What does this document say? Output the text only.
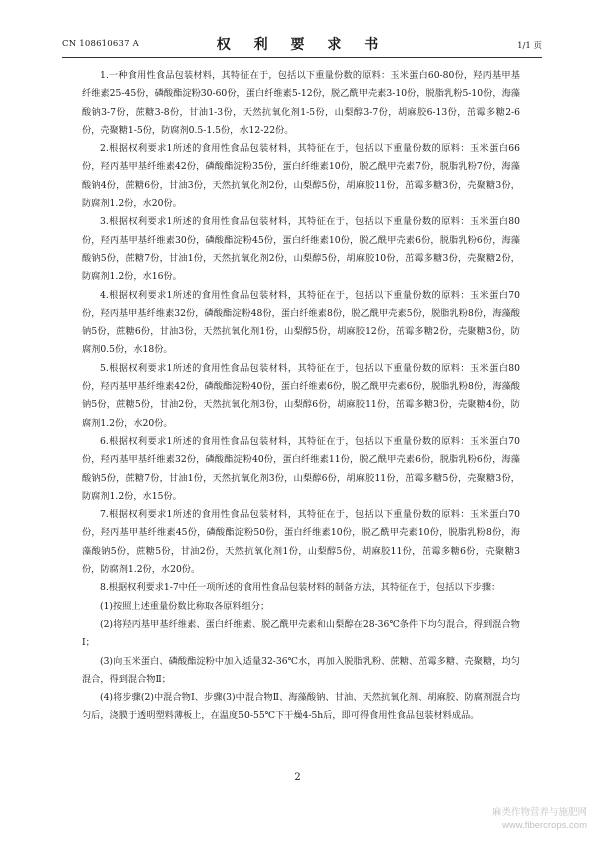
CN 108610637 A	权 利 要 求 书	1/1 页

1.一种食用性食品包装材料，其特征在于，包括以下重量份数的原料：玉米蛋白60-80份，羟丙基甲基纤维素25-45份，磷酸酯淀粉30-60份，蛋白纤维素5-12份，脱乙酰甲壳素3-10份，脱脂乳粉5-10份，海藻酸钠3-7份，蔗糖3-8份，甘油1-3份，天然抗氧化剂1-5份，山梨醇3-7份，胡麻胶6-13份，茁霉多糖2-6份，壳聚糖1-5份，防腐剂0.5-1.5份，水12-22份。

2.根据权利要求1所述的食用性食品包装材料，其特征在于，包括以下重量份数的原料：玉米蛋白66份，羟丙基甲基纤维素42份，磷酸酯淀粉35份，蛋白纤维素10份，脱乙酰甲壳素7份，脱脂乳粉7份，海藻酸钠4份，蔗糖6份，甘油3份，天然抗氧化剂2份，山梨醇5份，胡麻胶11份，茁霉多糖3份，壳聚糖3份，防腐剂1.2份，水20份。

3.根据权利要求1所述的食用性食品包装材料，其特征在于，包括以下重量份数的原料：玉米蛋白80份，羟丙基甲基纤维素30份，磷酸酯淀粉45份，蛋白纤维素10份，脱乙酰甲壳素6份，脱脂乳粉6份，海藻酸钠5份，蔗糖7份，甘油1份，天然抗氧化剂2份，山梨醇5份，胡麻胶10份，茁霉多糖3份，壳聚糖2份，防腐剂1.2份，水16份。

4.根据权利要求1所述的食用性食品包装材料，其特征在于，包括以下重量份数的原料：玉米蛋白70份，羟丙基甲基纤维素32份，磷酸酯淀粉48份，蛋白纤维素8份，脱乙酰甲壳素5份，脱脂乳粉8份，海藻酸钠5份，蔗糖6份，甘油3份，天然抗氧化剂1份，山梨醇5份，胡麻胶12份，茁霉多糖2份，壳聚糖3份，防腐剂0.5份，水18份。

5.根据权利要求1所述的食用性食品包装材料，其特征在于，包括以下重量份数的原料：玉米蛋白80份，羟丙基甲基纤维素42份，磷酸酯淀粉40份，蛋白纤维素6份，脱乙酰甲壳素6份，脱脂乳粉8份，海藻酸钠5份，蔗糖5份，甘油2份，天然抗氧化剂3份，山梨醇6份，胡麻胶11份，茁霉多糖3份，壳聚糖4份，防腐剂1.2份，水20份。

6.根据权利要求1所述的食用性食品包装材料，其特征在于，包括以下重量份数的原料：玉米蛋白70份，羟丙基甲基纤维素32份，磷酸酯淀粉40份，蛋白纤维素11份，脱乙酰甲壳素6份，脱脂乳粉6份，海藻酸钠5份，蔗糖7份，甘油1份，天然抗氧化剂3份，山梨醇6份，胡麻胶11份，茁霉多糖5份，壳聚糖3份，防腐剂1.2份，水15份。

7.根据权利要求1所述的食用性食品包装材料，其特征在于，包括以下重量份数的原料：玉米蛋白70份，羟丙基甲基纤维素45份，磷酸酯淀粉50份，蛋白纤维素10份，脱乙酰甲壳素10份，脱脂乳粉8份，海藻酸钠5份，蔗糖5份，甘油2份，天然抗氧化剂1份，山梨醇5份，胡麻胶11份，茁霉多糖6份，壳聚糖3份，防腐剂1.2份，水20份。

8.根据权利要求1-7中任一项所述的食用性食品包装材料的制备方法，其特征在于，包括以下步骤：

(1)按照上述重量份数比称取各原料组分；

(2)将羟丙基甲基纤维素、蛋白纤维素、脱乙酰甲壳素和山梨醇在28-36℃条件下均匀混合，得到混合物Ⅰ；

(3)向玉米蛋白、磷酸酯淀粉中加入适量32-36℃水，再加入脱脂乳粉、蔗糖、茁霉多糖、壳聚糖，均匀混合，得到混合物Ⅱ；

(4)将步骤(2)中混合物Ⅰ、步骤(3)中混合物Ⅱ、海藻酸钠、甘油、天然抗氧化剂、胡麻胶、防腐剂混合均匀后，浇膜于透明塑料薄板上，在温度50-55℃下干燥4-5h后，即可得食用性食品包装材料成品。

2
麻类作物营养与施肥网
www.fibercrops.com
